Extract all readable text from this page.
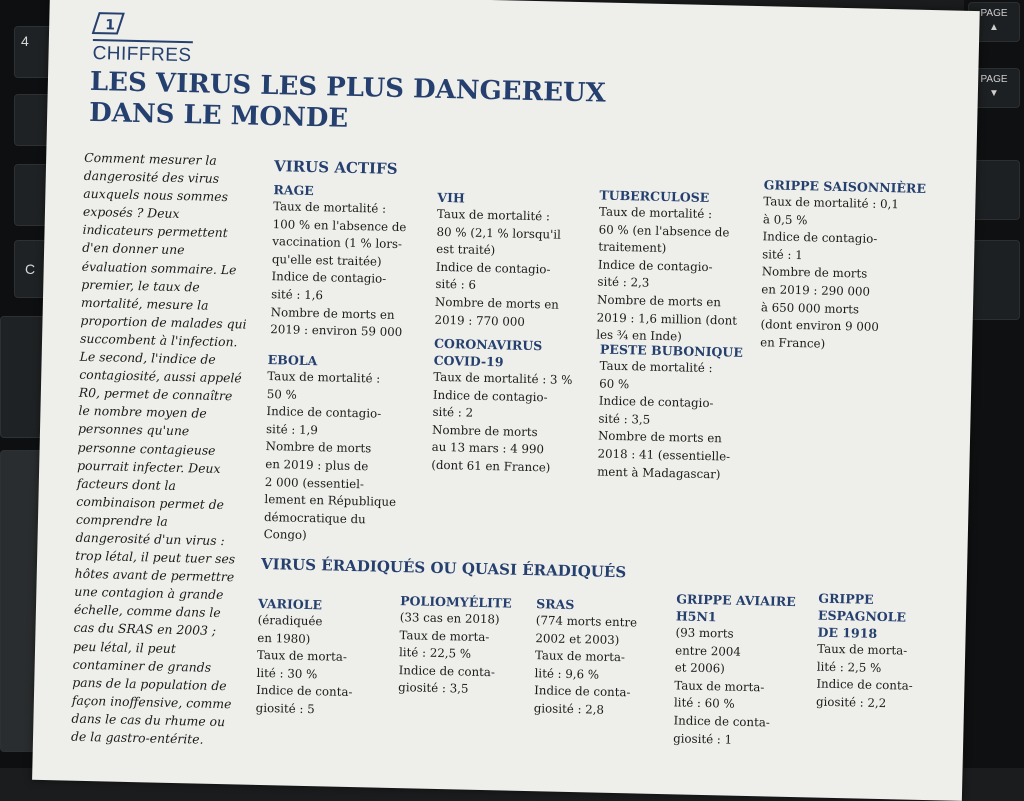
4
C
PAGE
▲
PAGE
▼
1
CHIFFRES
LES VIRUS LES PLUS DANGEREUX
DANS LE MONDE
Comment mesurer la dangerosité des virus auxquels nous sommes exposés ? Deux indicateurs permettent d'en donner une évaluation sommaire. Le premier, le taux de mortalité, mesure la proportion de malades qui succombent à l'infection. Le second, l'indice de contagiosité, aussi appelé R0, permet de connaître le nombre moyen de personnes qu'une personne contagieuse pourrait infecter. Deux facteurs dont la combinaison permet de comprendre la dangerosité d'un virus : trop létal, il peut tuer ses hôtes avant de permettre une contagion à grande échelle, comme dans le cas du SRAS en 2003 ; peu létal, il peut contaminer de grands pans de la population de façon inoffensive, comme dans le cas du rhume ou de la gastro-entérite.
VIRUS ACTIFS
RAGE
Taux de mortalité :
100 % en l'absence de
vaccination (1 % lors-
qu'elle est traitée)
Indice de contagio-
sité : 1,6
Nombre de morts en
2019 : environ 59 000
VIH
Taux de mortalité :
80 % (2,1 % lorsqu'il
est traité)
Indice de contagio-
sité : 6
Nombre de morts en
2019 : 770 000
TUBERCULOSE
Taux de mortalité :
60 % (en l'absence de
traitement)
Indice de contagio-
sité : 2,3
Nombre de morts en
2019 : 1,6 million (dont
les ¾ en Inde)
GRIPPE SAISONNIÈRE
Taux de mortalité : 0,1
à 0,5 %
Indice de contagio-
sité : 1
Nombre de morts
en 2019 : 290 000
à 650 000 morts
(dont environ 9 000
en France)
EBOLA
Taux de mortalité :
50 %
Indice de contagio-
sité : 1,9
Nombre de morts
en 2019 : plus de
2 000 (essentiel-
lement en République
démocratique du
Congo)
CORONAVIRUS
COVID-19
Taux de mortalité : 3 %
Indice de contagio-
sité : 2
Nombre de morts
au 13 mars : 4 990
(dont 61 en France)
PESTE BUBONIQUE
Taux de mortalité :
60 %
Indice de contagio-
sité : 3,5
Nombre de morts en
2018 : 41 (essentielle-
ment à Madagascar)
VIRUS ÉRADIQUÉS OU QUASI ÉRADIQUÉS
VARIOLE
(éradiquée
en 1980)
Taux de morta-
lité : 30 %
Indice de conta-
giosité : 5
POLIOMYÉLITE
(33 cas en 2018)
Taux de morta-
lité : 22,5 %
Indice de conta-
giosité : 3,5
SRAS
(774 morts entre
2002 et 2003)
Taux de morta-
lité : 9,6 %
Indice de conta-
giosité : 2,8
GRIPPE AVIAIRE
H5N1
(93 morts
entre 2004
et 2006)
Taux de morta-
lité : 60 %
Indice de conta-
giosité : 1
GRIPPE
ESPAGNOLE
DE 1918
Taux de morta-
lité : 2,5 %
Indice de conta-
giosité : 2,2
